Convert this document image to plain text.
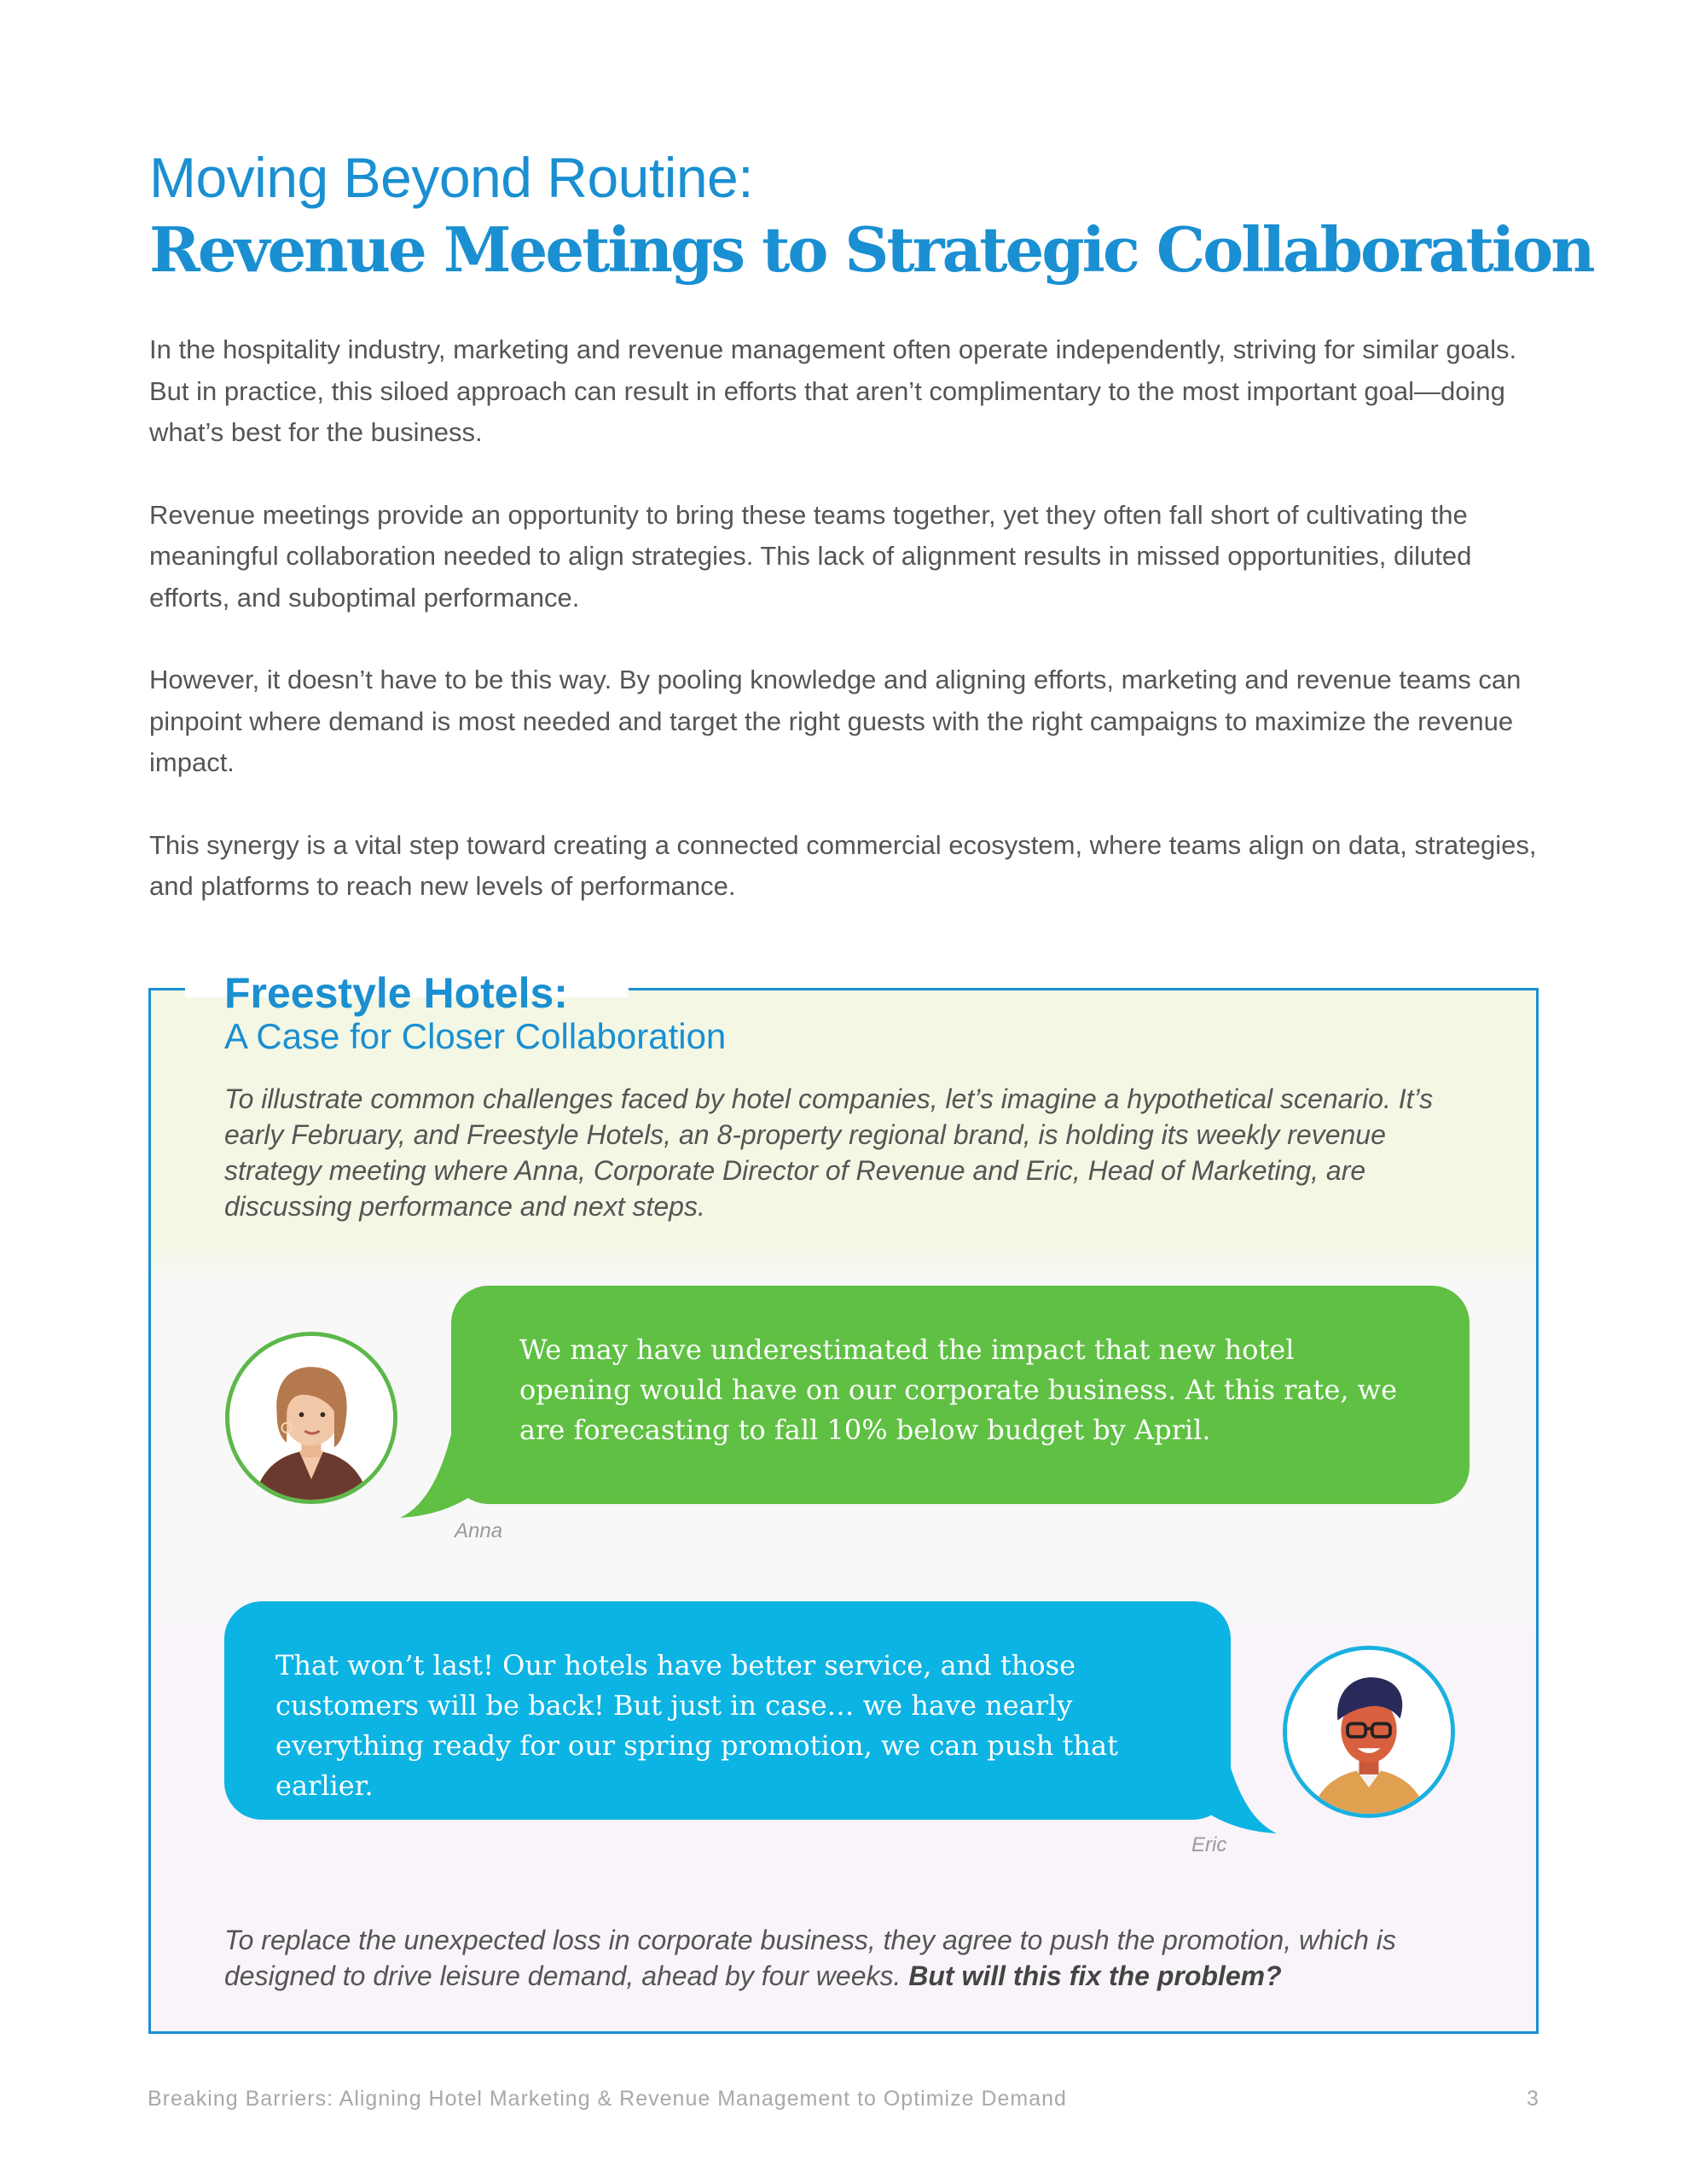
Moving Beyond Routine:
Revenue Meetings to Strategic Collaboration

In the hospitality industry, marketing and revenue management often operate independently, striving for similar goals. But in practice, this siloed approach can result in efforts that aren’t complimentary to the most important goal—doing what’s best for the business.

Revenue meetings provide an opportunity to bring these teams together, yet they often fall short of cultivating the meaningful collaboration needed to align strategies. This lack of alignment results in missed opportunities, diluted efforts, and suboptimal performance.

However, it doesn’t have to be this way. By pooling knowledge and aligning efforts, marketing and revenue teams can pinpoint where demand is most needed and target the right guests with the right campaigns to maximize the revenue impact.

This synergy is a vital step toward creating a connected commercial ecosystem, where teams align on data, strategies, and platforms to reach new levels of performance.

Freestyle Hotels:
A Case for Closer Collaboration

To illustrate common challenges faced by hotel companies, let’s imagine a hypothetical scenario. It’s early February, and Freestyle Hotels, an 8-property regional brand, is holding its weekly revenue strategy meeting where Anna, Corporate Director of Revenue and Eric, Head of Marketing, are discussing performance and next steps.

We may have underestimated the impact that new hotel opening would have on our corporate business. At this rate, we are forecasting to fall 10% below budget by April.
Anna
That won’t last! Our hotels have better service, and those customers will be back! But just in case… we have nearly everything ready for our spring promotion, we can push that earlier.
Eric

To replace the unexpected loss in corporate business, they agree to push the promotion, which is designed to drive leisure demand, ahead by four weeks. But will this fix the problem?

Breaking Barriers: Aligning Hotel Marketing & Revenue Management to Optimize Demand	3
